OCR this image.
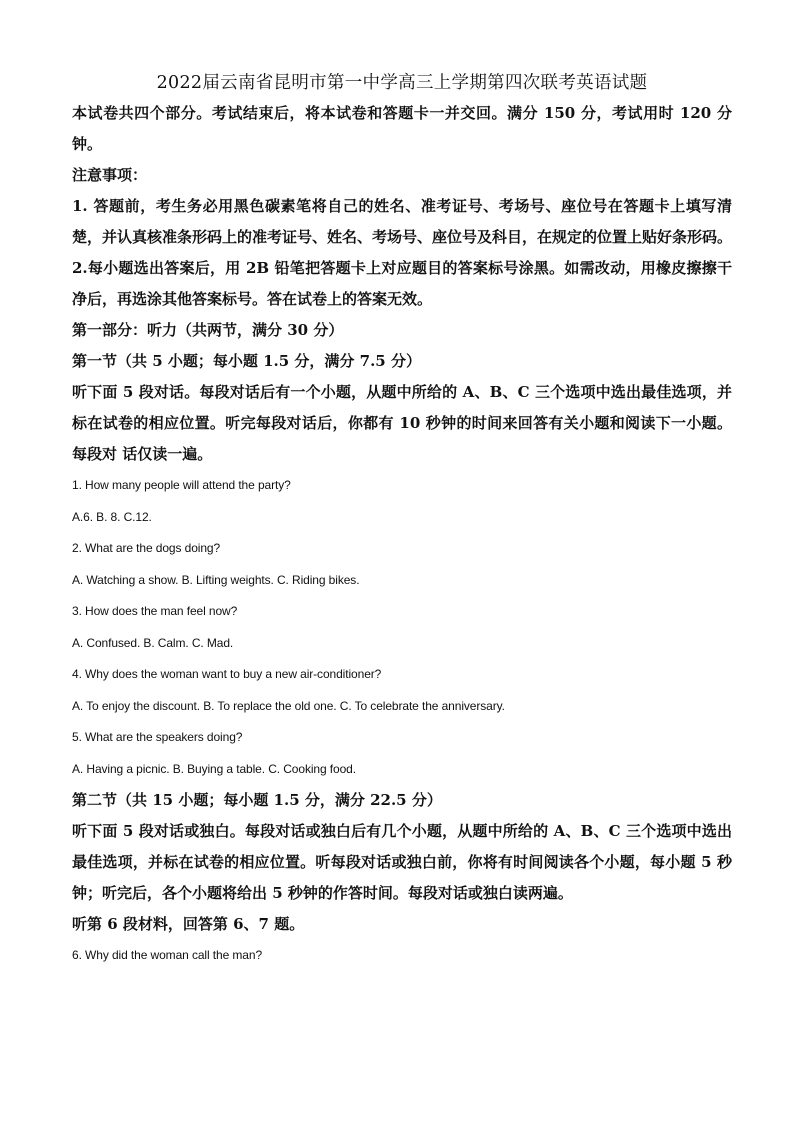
2022届云南省昆明市第一中学高三上学期第四次联考英语试题

本试卷共四个部分。考试结束后，将本试卷和答题卡一并交回。满分 150 分，考试用时 120 分钟。

注意事项：

1. 答题前，考生务必用黑色碳素笔将自己的姓名、准考证号、考场号、座位号在答题卡上填写清 楚，并认真核准条形码上的准考证号、姓名、考场号、座位号及科目，在规定的位置上贴好条形码。

2.每小题选出答案后，用 2B 铅笔把答题卡上对应题目的答案标号涂黑。如需改动，用橡皮擦擦干净后，再选涂其他答案标号。答在试卷上的答案无效。

第一部分：听力（共两节，满分 30 分）

第一节（共 5 小题；每小题 1.5 分，满分 7.5 分）

听下面 5 段对话。每段对话后有一个小题，从题中所给的 A、B、C 三个选项中选出最佳选项，并标在试卷的相应位置。听完每段对话后，你都有 10 秒钟的时间来回答有关小题和阅读下一小题。每段对 话仅读一遍。

1. How many people will attend the party?

A.6. B. 8. C.12.

2. What are the dogs doing?

A. Watching a show. B. Lifting weights. C. Riding bikes.

3. How does the man feel now?

A. Confused. B. Calm. C. Mad.

4. Why does the woman want to buy a new air-conditioner?

A. To enjoy the discount. B. To replace the old one. C. To celebrate the anniversary.

5. What are the speakers doing?

A. Having a picnic. B. Buying a table. C. Cooking food.

第二节（共 15 小题；每小题 1.5 分，满分 22.5 分）

听下面 5 段对话或独白。每段对话或独白后有几个小题，从题中所给的 A、B、C 三个选项中选出最佳选项，并标在试卷的相应位置。听每段对话或独白前，你将有时间阅读各个小题，每小题 5 秒钟；听完后，各个小题将给出 5 秒钟的作答时间。每段对话或独白读两遍。

听第 6 段材料，回答第 6、7 题。

6. Why did the woman call the man?
